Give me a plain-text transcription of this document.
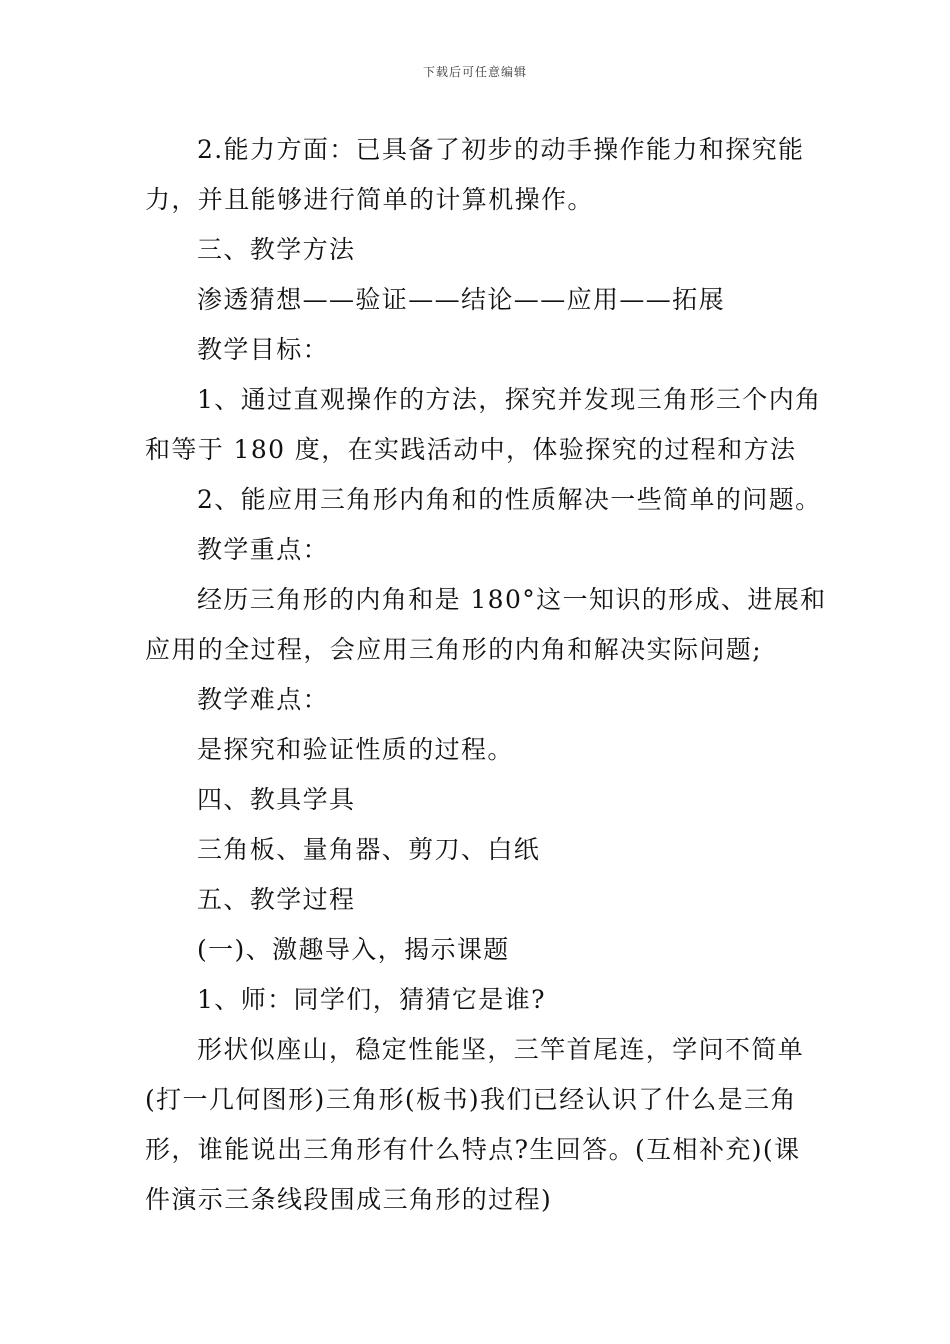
下载后可任意编辑

2.能力方面：已具备了初步的动手操作能力和探究能

力，并且能够进行简单的计算机操作。

三、教学方法

渗透猜想——验证——结论——应用——拓展

教学目标：

1、通过直观操作的方法，探究并发现三角形三个内角

和等于 180 度，在实践活动中，体验探究的过程和方法

2、能应用三角形内角和的性质解决一些简单的问题。

教学重点：

经历三角形的内角和是 180°这一知识的形成、进展和

应用的全过程，会应用三角形的内角和解决实际问题;

教学难点：

是探究和验证性质的过程。

四、教具学具

三角板、量角器、剪刀、白纸

五、教学过程

(一)、激趣导入，揭示课题

1、师：同学们，猜猜它是谁?

形状似座山，稳定性能坚，三竿首尾连，学问不简单

(打一几何图形)三角形(板书)我们已经认识了什么是三角

形，谁能说出三角形有什么特点?生回答。(互相补充)(课

件演示三条线段围成三角形的过程)
